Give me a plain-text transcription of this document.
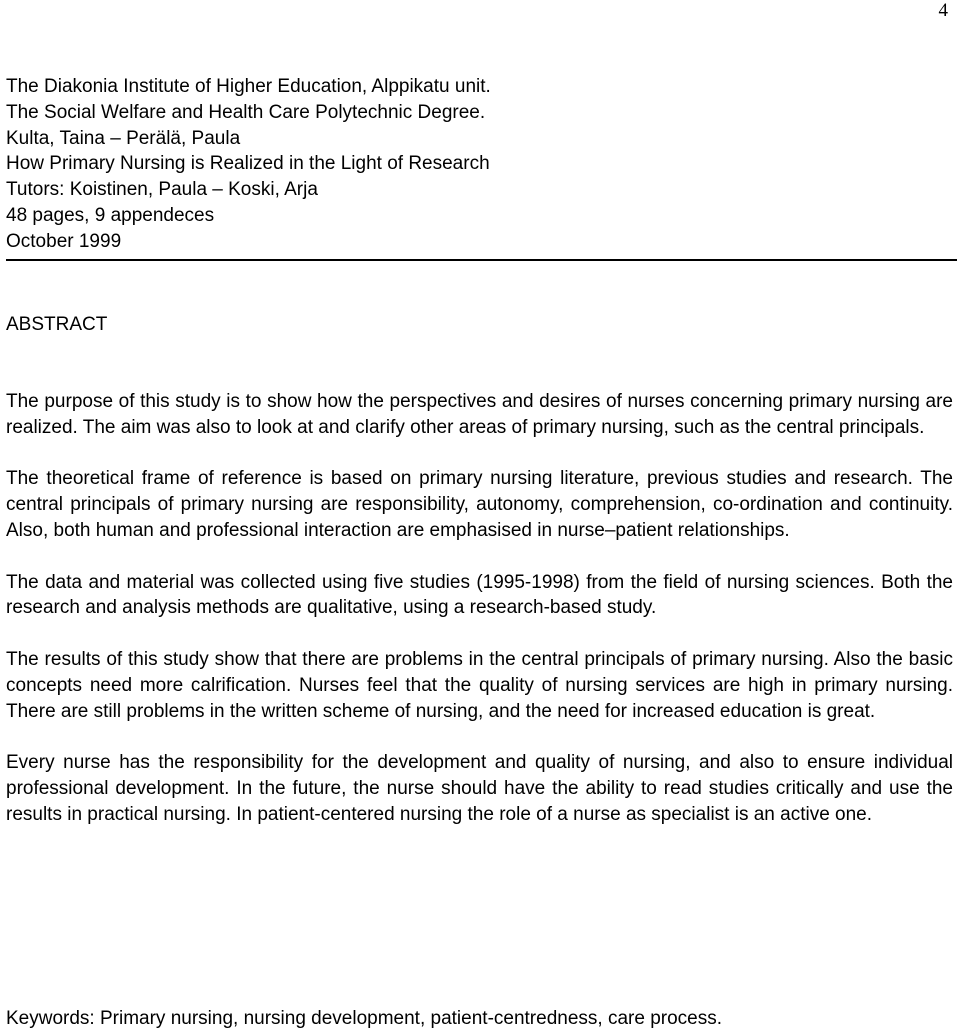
4
The Diakonia Institute of Higher Education, Alppikatu unit.
The Social Welfare and Health Care Polytechnic Degree.
Kulta, Taina – Perälä, Paula
How Primary Nursing is Realized in the Light of Research
Tutors: Koistinen, Paula – Koski, Arja
48 pages, 9 appendeces
October 1999
ABSTRACT

The purpose of this study is to show how the perspectives and desires of nurses concerning primary nursing are realized. The aim was also to look at and clarify other areas of primary nursing, such as the central principals.

The theoretical frame of reference is based on primary nursing literature, previous studies and research. The central principals of primary nursing are responsibility, autonomy, comprehension, co-ordination and continuity. Also, both human and professional interaction are emphasised in nurse–patient relationships.

The data and material was collected using five studies (1995-1998) from the field of nursing sciences. Both the research and analysis methods are qualitative, using a research-based study.

The results of this study show that there are problems in the central principals of primary nursing. Also the basic concepts need more calrification. Nurses feel that the quality of nursing services are high in primary nursing. There are still problems in the written scheme of nursing, and the need for increased education is great.

Every nurse has the responsibility for the development and quality of nursing, and also to ensure individual professional development. In the future, the nurse should have the ability to read studies critically and use the results in practical nursing. In patient-centered nursing the role of a nurse as specialist is an active one.

Keywords: Primary nursing, nursing development, patient-centredness, care process.
